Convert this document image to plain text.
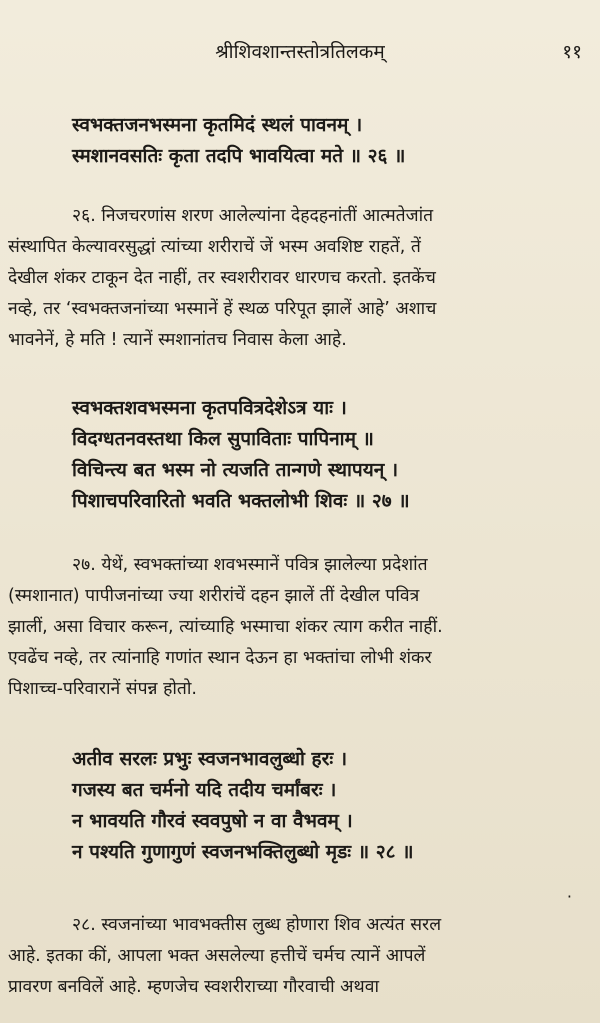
श्रीशिवशान्तस्तोत्रतिलकम्	११
स्वभक्तजनभस्मना कृतमिदं स्थलं पावनम् ।
स्मशानवसतिः कृता तदपि भावयित्वा मते ॥ २६ ॥
२६. निजचरणांस शरण आलेल्यांना देहदहनांतीं आत्मतेजांत
संस्थापित केल्यावरसुद्धां त्यांच्या शरीराचें जें भस्म अवशिष्ट राहतें, तें
देखील शंकर टाकून देत नाहीं, तर स्वशरीरावर धारणच करतो. इतकेंच
नव्हे, तर ‘स्वभक्तजनांच्या भस्मानें हें स्थळ परिपूत झालें आहे’ अशाच
भावनेनें, हे मति ! त्यानें स्मशानांतच निवास केला आहे.
स्वभक्तशवभस्मना कृतपवित्रदेशेऽत्र याः ।
विदग्धतनवस्तथा किल सुपाविताः पापिनाम् ॥
विचिन्त्य बत भस्म नो त्यजति तान्गणे स्थापयन् ।
पिशाचपरिवारितो भवति भक्तलोभी शिवः ॥ २७ ॥
२७. येथें, स्वभक्तांच्या शवभस्मानें पवित्र झालेल्या प्रदेशांत
(स्मशानात) पापीजनांच्या ज्या शरीरांचें दहन झालें तीं देखील पवित्र
झालीं, असा विचार करून, त्यांच्याहि भस्माचा शंकर त्याग करीत नाहीं.
एवढेंच नव्हे, तर त्यांनाहि गणांत स्थान देऊन हा भक्तांचा लोभी शंकर
पिशाच्च-परिवारानें संपन्न होतो.
अतीव सरलः प्रभुः स्वजनभावलुब्धो हरः ।
गजस्य बत चर्मनो यदि तदीय चर्मांबरः ।
न भावयति गौरवं स्ववपुषो न वा वैभवम् ।
न पश्यति गुणागुणं स्वजनभक्तिलुब्धो मृडः ॥ २८ ॥
·
२८. स्वजनांच्या भावभक्तीस लुब्ध होणारा शिव अत्यंत सरल
आहे. इतका कीं, आपला भक्त असलेल्या हत्तीचें चर्मच त्यानें आपलें
प्रावरण बनविलें आहे. म्हणजेच स्वशरीराच्या गौरवाची अथवा
